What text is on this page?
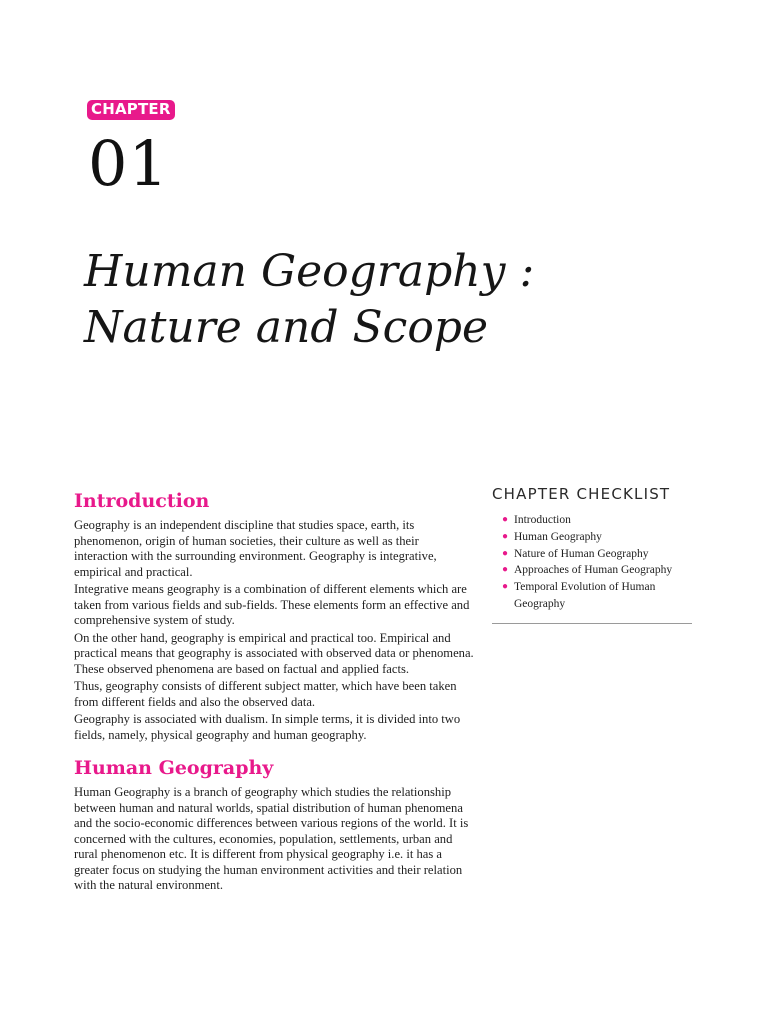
CHAPTER
01
Human Geography :
Nature and Scope
Introduction

Geography is an independent discipline that studies space, earth, its phenomenon, origin of human societies, their culture as well as their interaction with the surrounding environment. Geography is integrative, empirical and practical.

Integrative means geography is a combination of different elements which are taken from various fields and sub-fields. These elements form an effective and comprehensive system of study.

On the other hand, geography is empirical and practical too. Empirical and practical means that geography is associated with observed data or phenomena. These observed phenomena are based on factual and applied facts.

Thus, geography consists of different subject matter, which have been taken from different fields and also the observed data.

Geography is associated with dualism. In simple terms, it is divided into two fields, namely, physical geography and human geography.

Human Geography

Human Geography is a branch of geography which studies the relationship between human and natural worlds, spatial distribution of human phenomena and the socio-economic differences between various regions of the world. It is concerned with the cultures, economies, population, settlements, urban and rural phenomenon etc. It is different from physical geography i.e. it has a greater focus on studying the human environment activities and their relation with the natural environment.

CHAPTER CHECKLIST
● Introduction
● Human Geography
● Nature of Human Geography
● Approaches of Human Geography
● Temporal Evolution of Human Geography
